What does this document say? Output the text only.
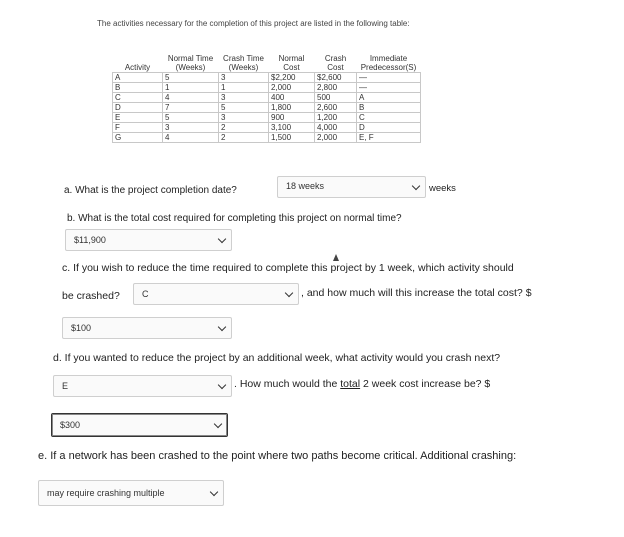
The activities necessary for the completion of this project are listed in the following table:
Activity	Normal Time (Weeks)	Crash Time (Weeks)	Normal Cost	Crash Cost	Immediate Predecessor(S)
A	5	3	$2,200	$2,600	—
B	1	1	2,000	2,800	—
C	4	3	400	500	A
D	7	5	1,800	2,600	B
E	5	3	900	1,200	C
F	3	2	3,100	4,000	D
G	4	2	1,500	2,000	E, F
a. What is the project completion date?	18 weeks	weeks
b. What is the total cost required for completing this project on normal time?
$11,900
c. If you wish to reduce the time required to complete this project by 1 week, which activity should
be crashed? C	, and how much will this increase the total cost? $
$100
d. If you wanted to reduce the project by an additional week, what activity would you crash next?
E	. How much would the total 2 week cost increase be? $
$300
e. If a network has been crashed to the point where two paths become critical. Additional crashing:
may require crashing multiple
